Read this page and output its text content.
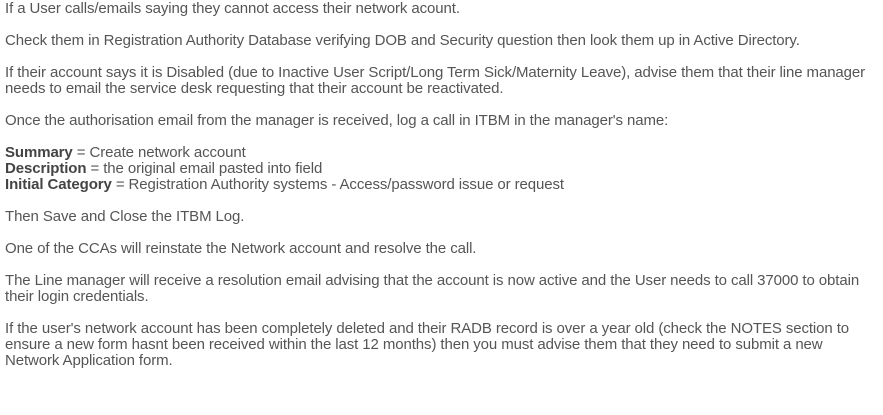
If a User calls/emails saying they cannot access their network acount.

Check them in Registration Authority Database verifying DOB and Security question then look them up in Active Directory.

If their account says it is Disabled (due to Inactive User Script/Long Term Sick/Maternity Leave), advise them that their line manager needs to email the service desk requesting that their account be reactivated.

Once the authorisation email from the manager is received, log a call in ITBM in the manager's name:

Summary = Create network account
Description = the original email pasted into field
Initial Category = Registration Authority systems - Access/password issue or request

Then Save and Close the ITBM Log.

One of the CCAs will reinstate the Network account and resolve the call.

The Line manager will receive a resolution email advising that the account is now active and the User needs to call 37000 to obtain their login credentials.

If the user's network account has been completely deleted and their RADB record is over a year old (check the NOTES section to ensure a new form hasnt been received within the last 12 months) then you must advise them that they need to submit a new Network Application form.
